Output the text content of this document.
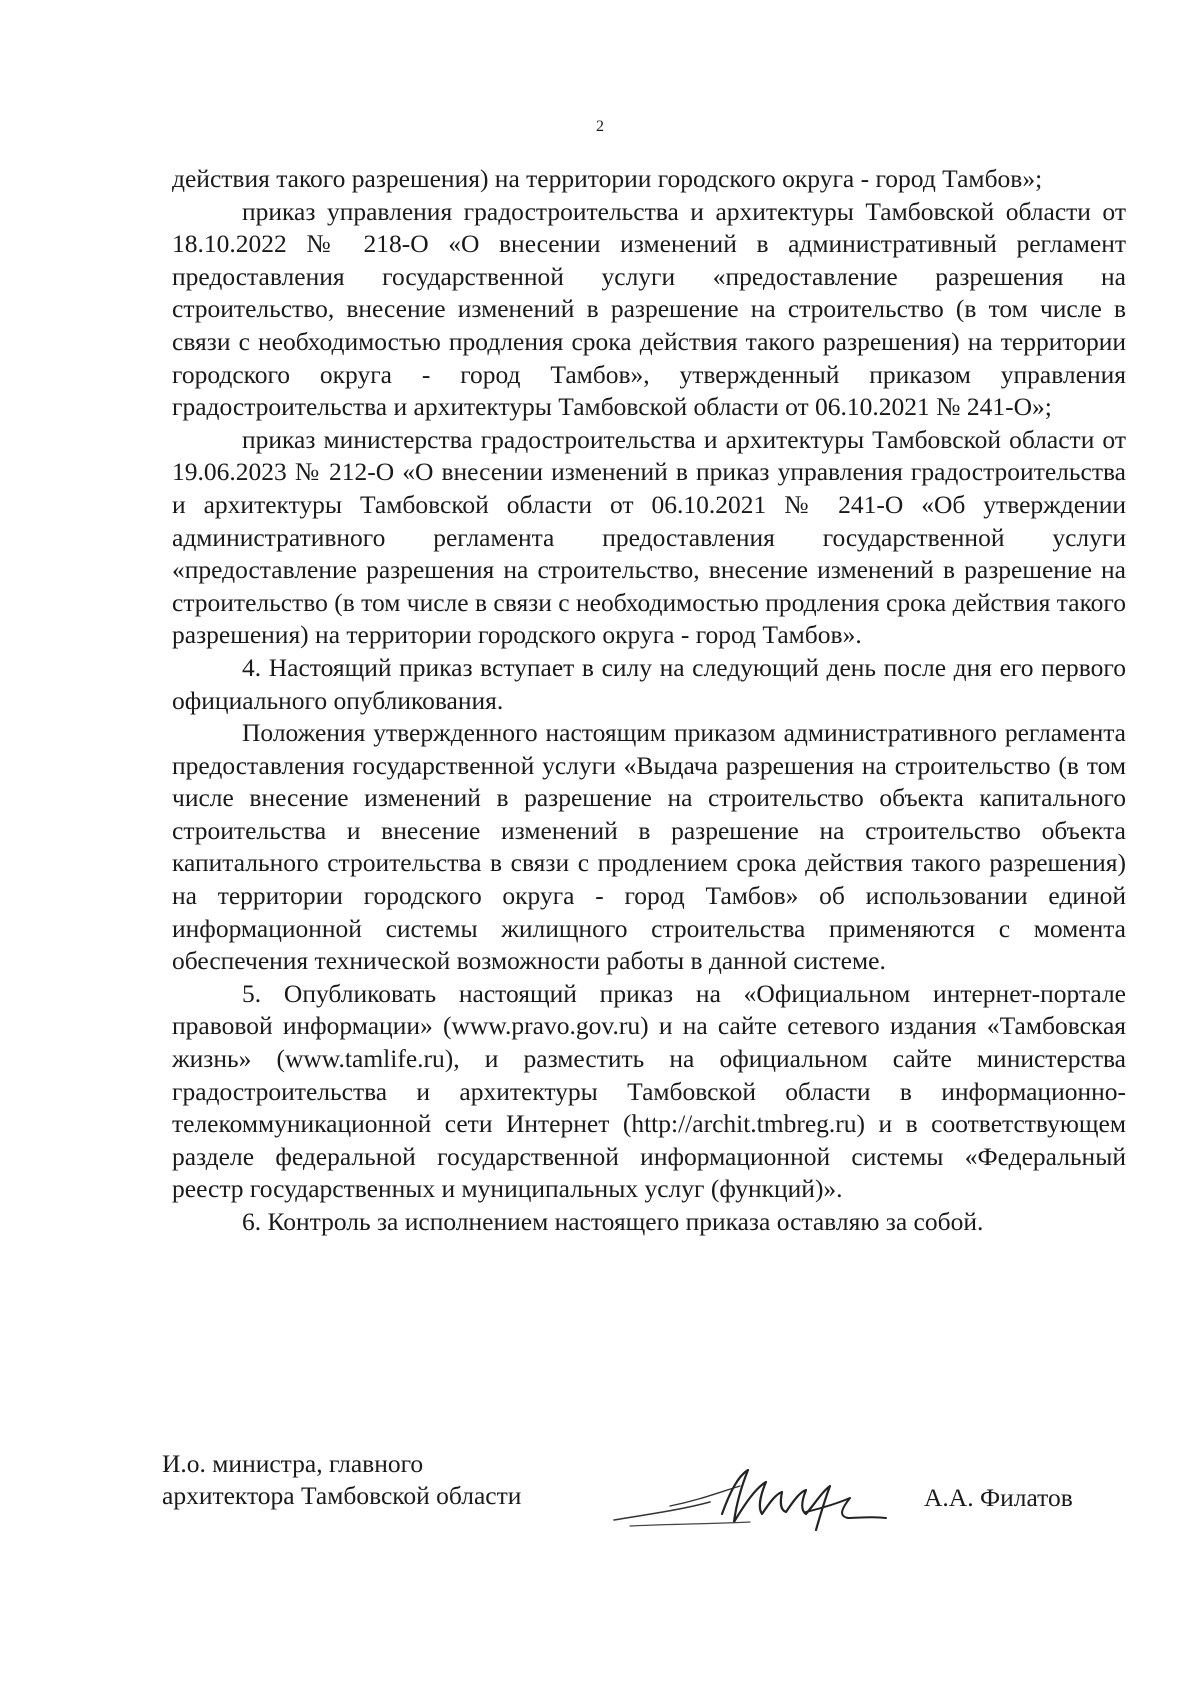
2

действия такого разрешения) на территории городского округа - город Тамбов»;

приказ управления градостроительства и архитектуры Тамбовской области от 18.10.2022 № 218-О «О внесении изменений в административный регламент предоставления государственной услуги «предоставление разрешения на строительство, внесение изменений в разрешение на строительство (в том числе в связи с необходимостью продления срока действия такого разрешения) на территории городского округа - город Тамбов», утвержденный приказом управления градостроительства и архитектуры Тамбовской области от 06.10.2021 № 241-О»;

приказ министерства градостроительства и архитектуры Тамбовской области от 19.06.2023 № 212-О «О внесении изменений в приказ управления градостроительства и архитектуры Тамбовской области от 06.10.2021 № 241-О «Об утверждении административного регламента предоставления государственной услуги «предоставление разрешения на строительство, внесение изменений в разрешение на строительство (в том числе в связи с необходимостью продления срока действия такого разрешения) на территории городского округа - город Тамбов».

4. Настоящий приказ вступает в силу на следующий день после дня его первого официального опубликования.

Положения утвержденного настоящим приказом административного регламента предоставления государственной услуги «Выдача разрешения на строительство (в том числе внесение изменений в разрешение на строительство объекта капитального строительства и внесение изменений в разрешение на строительство объекта капитального строительства в связи с продлением срока действия такого разрешения) на территории городского округа - город Тамбов» об использовании единой информационной системы жилищного строительства применяются с момента обеспечения технической возможности работы в данной системе.

5. Опубликовать настоящий приказ на «Официальном интернет-портале правовой информации» (www.pravo.gov.ru) и на сайте сетевого издания «Тамбовская жизнь» (www.tamlife.ru), и разместить на официальном сайте министерства градостроительства и архитектуры Тамбовской области в информационно-телекоммуникационной сети Интернет (http://archit.tmbreg.ru) и в соответствующем разделе федеральной государственной информационной системы «Федеральный реестр государственных и муниципальных услуг (функций)».

6. Контроль за исполнением настоящего приказа оставляю за собой.

И.о. министра, главного
архитектора Тамбовской области	А.А. Филатов
